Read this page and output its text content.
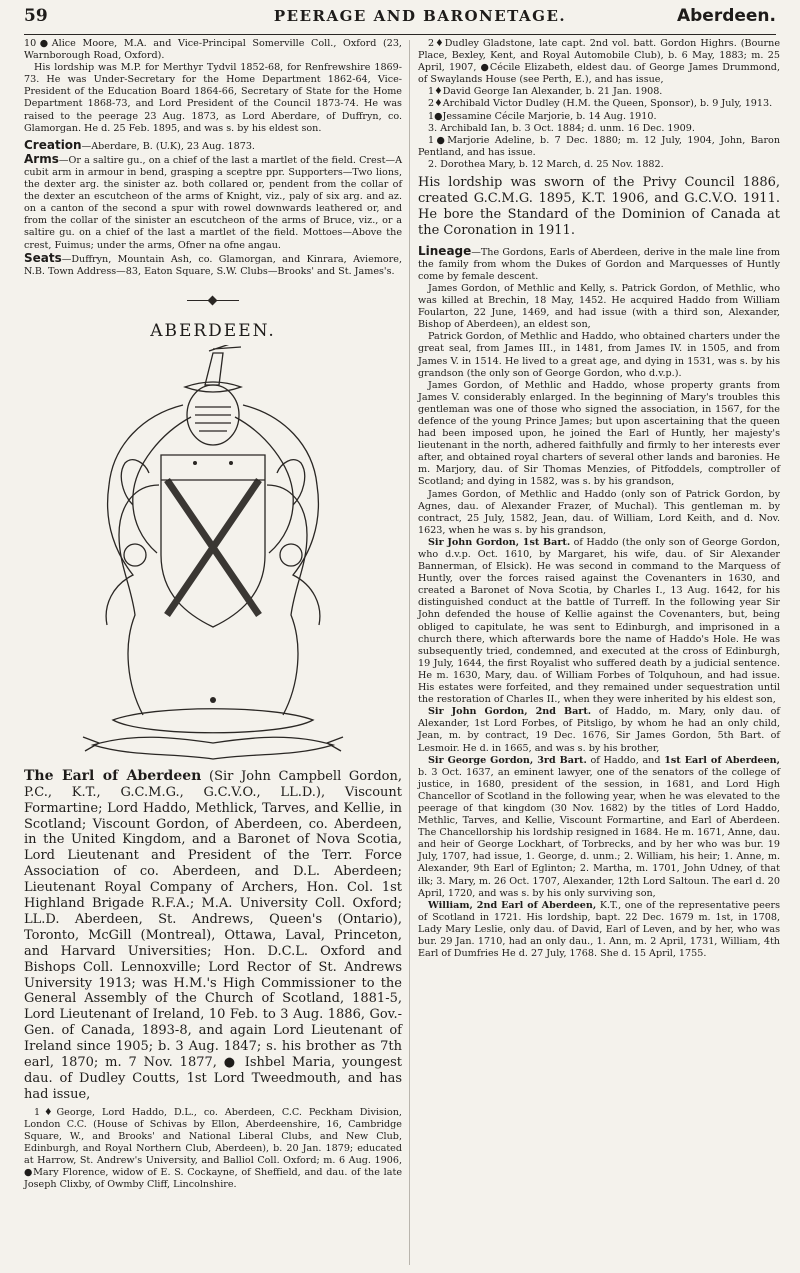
59	PEERAGE AND BARONETAGE.	Aberdeen.

10●Alice Moore, M.A. and Vice-Principal Somerville Coll., Oxford (23, Warnborough Road, Oxford).

His lordship was M.P. for Merthyr Tydvil 1852-68, for Renfrewshire 1869-73. He was Under-Secretary for the Home Department 1862-64, Vice-President of the Education Board 1864-66, Secretary of State for the Home Department 1868-73, and Lord President of the Council 1873-74. He was raised to the peerage 23 Aug. 1873, as Lord Aberdare, of Duffryn, co. Glamorgan. He d. 25 Feb. 1895, and was s. by his eldest son.

Creation—Aberdare, B. (U.K), 23 Aug. 1873.

Arms—Or a saltire gu., on a chief of the last a martlet of the field. Crest—A cubit arm in armour in bend, grasping a sceptre ppr. Supporters—Two lions, the dexter arg. the sinister az. both collared or, pendent from the collar of the dexter an escutcheon of the arms of Knight, viz., paly of six arg. and az. on a canton of the second a spur with rowel downwards leathered or, and from the collar of the sinister an escutcheon of the arms of Bruce, viz., or a saltire gu. on a chief of the last a martlet of the field. Mottoes—Above the crest, Fuimus; under the arms, Ofner na ofne angau.

Seats—Duffryn, Mountain Ash, co. Glamorgan, and Kinrara, Aviemore, N.B. Town Address—83, Eaton Square, S.W. Clubs—Brooks' and St. James's.

ABERDEEN.

The Earl of Aberdeen (Sir John Campbell Gordon, P.C., K.T., G.C.M.G., G.C.V.O., LL.D.), Viscount Formartine; Lord Haddo, Methlick, Tarves, and Kellie, in Scotland; Viscount Gordon, of Aberdeen, co. Aberdeen, in the United Kingdom, and a Baronet of Nova Scotia, Lord Lieutenant and President of the Terr. Force Association of co. Aberdeen, and D.L. Aberdeen; Lieutenant Royal Company of Archers, Hon. Col. 1st Highland Brigade R.F.A.; M.A. University Coll. Oxford; LL.D. Aberdeen, St. Andrews, Queen's (Ontario), Toronto, McGill (Montreal), Ottawa, Laval, Princeton, and Harvard Universities; Hon. D.C.L. Oxford and Bishops Coll. Lennoxville; Lord Rector of St. Andrews University 1913; was H.M.'s High Commissioner to the General Assembly of the Church of Scotland, 1881-5, Lord Lieutenant of Ireland, 10 Feb. to 3 Aug. 1886, Gov.-Gen. of Canada, 1893-8, and again Lord Lieutenant of Ireland since 1905; b. 3 Aug. 1847; s. his brother as 7th earl, 1870; m. 7 Nov. 1877, ● Ishbel Maria, youngest dau. of Dudley Coutts, 1st Lord Tweedmouth, and has had issue,

1♦George, Lord Haddo, D.L., co. Aberdeen, C.C. Peckham Division, London C.C. (House of Schivas by Ellon, Aberdeenshire, 16, Cambridge Square, W., and Brooks' and National Liberal Clubs, and New Club, Edinburgh, and Royal Northern Club, Aberdeen), b. 20 Jan. 1879; educated at Harrow, St. Andrew's University, and Balliol Coll. Oxford; m. 6 Aug. 1906, ●Mary Florence, widow of E. S. Cockayne, of Sheffield, and dau. of the late Joseph Clixby, of Owmby Cliff, Lincolnshire.

2♦Dudley Gladstone, late capt. 2nd vol. batt. Gordon Highrs. (Bourne Place, Bexley, Kent, and Royal Automobile Club), b. 6 May, 1883; m. 25 April, 1907, ●Cécile Elizabeth, eldest dau. of George James Drummond, of Swaylands House (see Perth, E.), and has issue,

1♦David George Ian Alexander, b. 21 Jan. 1908.

2♦Archibald Victor Dudley (H.M. the Queen, Sponsor), b. 9 July, 1913.

1●Jessamine Cécile Marjorie, b. 14 Aug. 1910.

3. Archibald Ian, b. 3 Oct. 1884; d. unm. 16 Dec. 1909.

1●Marjorie Adeline, b. 7 Dec. 1880; m. 12 July, 1904, John, Baron Pentland, and has issue.

2. Dorothea Mary, b. 12 March, d. 25 Nov. 1882.

His lordship was sworn of the Privy Council 1886, created G.C.M.G. 1895, K.T. 1906, and G.C.V.O. 1911. He bore the Standard of the Dominion of Canada at the Coronation in 1911.

Lineage—The Gordons, Earls of Aberdeen, derive in the male line from the family from whom the Dukes of Gordon and Marquesses of Huntly come by female descent.

James Gordon, of Methlic and Kelly, s. Patrick Gordon, of Methlic, who was killed at Brechin, 18 May, 1452. He acquired Haddo from William Foularton, 22 June, 1469, and had issue (with a third son, Alexander, Bishop of Aberdeen), an eldest son,

Patrick Gordon, of Methlic and Haddo, who obtained charters under the great seal, from James III., in 1481, from James IV. in 1505, and from James V. in 1514. He lived to a great age, and dying in 1531, was s. by his grandson (the only son of George Gordon, who d.v.p.).

James Gordon, of Methlic and Haddo, whose property grants from James V. considerably enlarged. In the beginning of Mary's troubles this gentleman was one of those who signed the association, in 1567, for the defence of the young Prince James; but upon ascertaining that the queen had been imposed upon, he joined the Earl of Huntly, her majesty's lieutenant in the north, adhered faithfully and firmly to her interests ever after, and obtained royal charters of several other lands and baronies. He m. Marjory, dau. of Sir Thomas Menzies, of Pitfoddels, comptroller of Scotland; and dying in 1582, was s. by his grandson,

James Gordon, of Methlic and Haddo (only son of Patrick Gordon, by Agnes, dau. of Alexander Frazer, of Muchal). This gentleman m. by contract, 25 July, 1582, Jean, dau. of William, Lord Keith, and d. Nov. 1623, when he was s. by his grandson,

Sir John Gordon, 1st Bart. of Haddo (the only son of George Gordon, who d.v.p. Oct. 1610, by Margaret, his wife, dau. of Sir Alexander Bannerman, of Elsick). He was second in command to the Marquess of Huntly, over the forces raised against the Covenanters in 1630, and created a Baronet of Nova Scotia, by Charles I., 13 Aug. 1642, for his distinguished conduct at the battle of Turreff. In the following year Sir John defended the house of Kellie against the Covenanters, but, being obliged to capitulate, he was sent to Edinburgh, and imprisoned in a church there, which afterwards bore the name of Haddo's Hole. He was subsequently tried, condemned, and executed at the cross of Edinburgh, 19 July, 1644, the first Royalist who suffered death by a judicial sentence. He m. 1630, Mary, dau. of William Forbes of Tolquhoun, and had issue. His estates were forfeited, and they remained under sequestration until the restoration of Charles II., when they were inherited by his eldest son,

Sir John Gordon, 2nd Bart. of Haddo, m. Mary, only dau. of Alexander, 1st Lord Forbes, of Pitsligo, by whom he had an only child, Jean, m. by contract, 19 Dec. 1676, Sir James Gordon, 5th Bart. of Lesmoir. He d. in 1665, and was s. by his brother,

Sir George Gordon, 3rd Bart. of Haddo, and 1st Earl of Aberdeen, b. 3 Oct. 1637, an eminent lawyer, one of the senators of the college of justice, in 1680, president of the session, in 1681, and Lord High Chancellor of Scotland in the following year, when he was elevated to the peerage of that kingdom (30 Nov. 1682) by the titles of Lord Haddo, Methlic, Tarves, and Kellie, Viscount Formartine, and Earl of Aberdeen. The Chancellorship his lordship resigned in 1684. He m. 1671, Anne, dau. and heir of George Lockhart, of Torbrecks, and by her who was bur. 19 July, 1707, had issue, 1. George, d. unm.; 2. William, his heir; 1. Anne, m. Alexander, 9th Earl of Eglinton; 2. Martha, m. 1701, John Udney, of that ilk; 3. Mary, m. 26 Oct. 1707, Alexander, 12th Lord Saltoun. The earl d. 20 April, 1720, and was s. by his only surviving son,

William, 2nd Earl of Aberdeen, K.T., one of the representative peers of Scotland in 1721. His lordship, bapt. 22 Dec. 1679 m. 1st, in 1708, Lady Mary Leslie, only dau. of David, Earl of Leven, and by her, who was bur. 29 Jan. 1710, had an only dau., 1. Ann, m. 2 April, 1731, William, 4th Earl of Dumfries He d. 27 July, 1768. She d. 15 April, 1755.
